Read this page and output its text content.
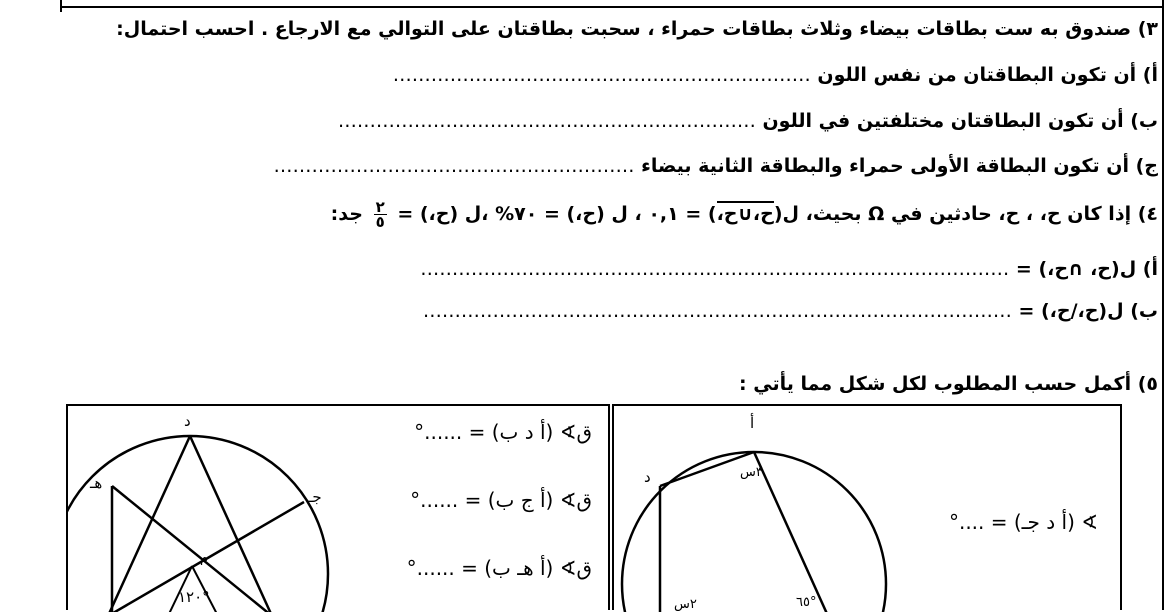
٣) صندوق به ست بطاقات بيضاء وثلاث بطاقات حمراء ، سحبت بطاقتان على التوالي مع الارجاع . احسب احتمال:
أ) أن تكون البطاقتان من نفس اللون …………………………………………………………
ب) أن تكون البطاقتان مختلفتين في اللون …………………………………………………………
ج) أن تكون البطاقة الأولى حمراء والبطاقة الثانية بيضاء …………………………………………………
٤) إذا كان ح، ، ح، حادثين في Ω بحيث، ل(ح،∪ح،) = ٠,١ ، ل (ح،) = ٧٠% ،ل (ح،) =
$\frac{٢}{٥}$
جد:
أ) ل(ح، ∩ح،) = …………………………………………………………………………………
ب) ل(ح،/ح،) = …………………………………………………………………………………
٥) أكمل حسب المطلوب لكل شكل مما يأتي :
د
هـ
جـ
م
١٢٠°
ق∢ (أ د ب) = ......°
ق∢ (أ ج ب) = ......°
ق∢ (أ هـ ب) = ......°
أ
د	٣س
٢س	٦٥°
∢ (أ د جـ) = ....°
